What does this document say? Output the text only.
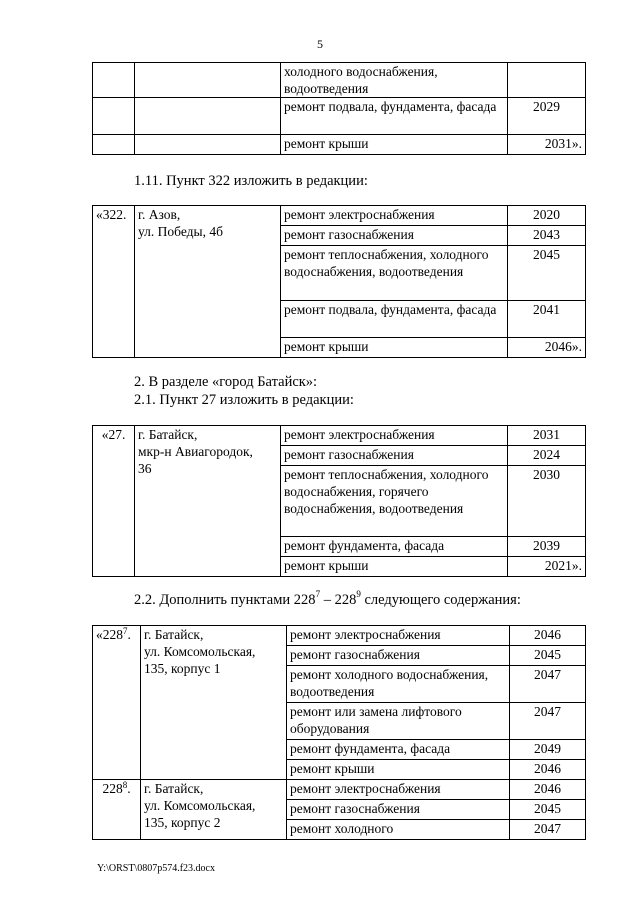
5
		холодного водоснабжения, водоотведения	
		ремонт подвала, фундамента, фасада	2029
		ремонт крыши	2031».
1.11. Пункт 322 изложить в редакции:
«322.	г. Азов,
ул. Победы, 4б	ремонт электроснабжения	2020
		ремонт газоснабжения	2043
		ремонт теплоснабжения, холодного водоснабжения, водоотведения	2045
		ремонт подвала, фундамента, фасада	2041
		ремонт крыши	2046».
2. В разделе «город Батайск»:
2.1. Пункт 27 изложить в редакции:
«27.	г. Батайск,
мкр-н Авиагородок,
36	ремонт электроснабжения	2031
		ремонт газоснабжения	2024
		ремонт теплоснабжения, холодного водоснабжения, горячего водоснабжения, водоотведения	2030
		ремонт фундамента, фасада	2039
		ремонт крыши	2021».
2.2. Дополнить пунктами $228^7 - 228^9$ следующего содержания:
«$228^7$.	г. Батайск,
ул. Комсомольская,
135, корпус 1	ремонт электроснабжения	2046
		ремонт газоснабжения	2045
		ремонт холодного водоснабжения, водоотведения	2047
		ремонт или замена лифтового оборудования	2047
		ремонт фундамента, фасада	2049
		ремонт крыши	2046
$228^8$.	г. Батайск,
ул. Комсомольская,
135, корпус 2	ремонт электроснабжения	2046
		ремонт газоснабжения	2045
		ремонт холодного	2047
Y:\ORST\0807p574.f23.docx
